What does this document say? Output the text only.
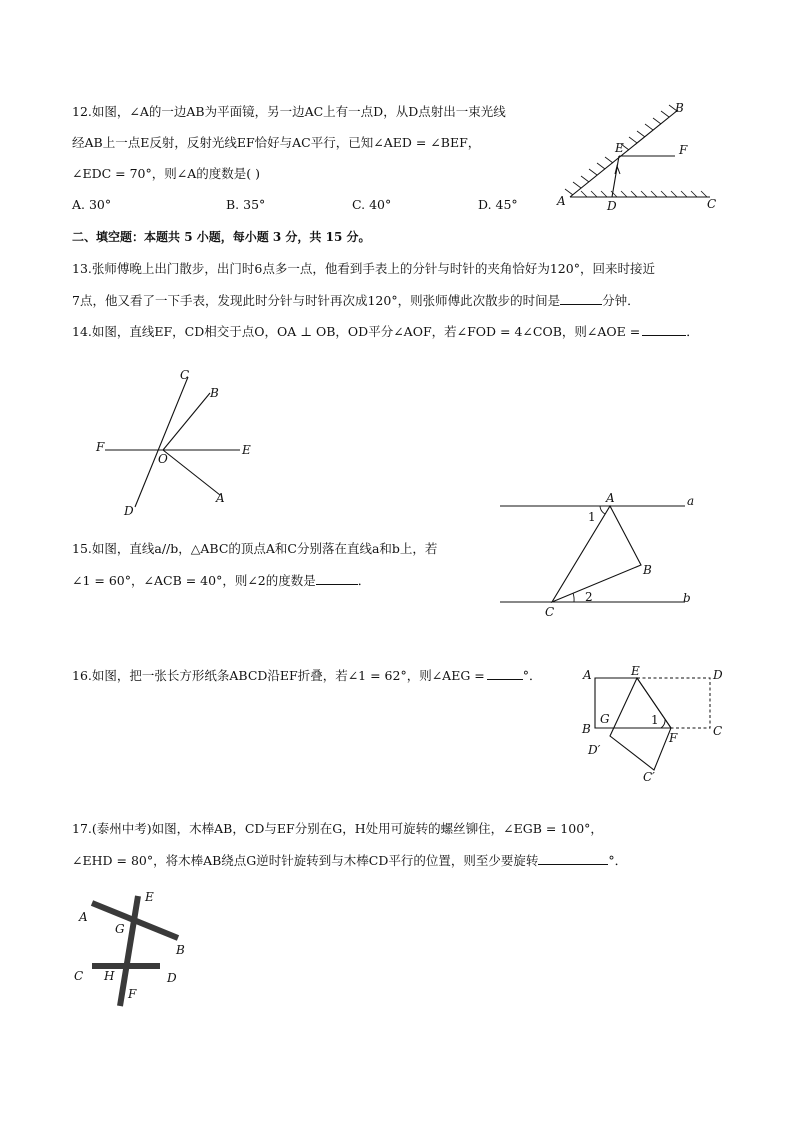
12.如图，∠A的一边AB为平面镜，另一边AC上有一点D，从D点射出一束光线
经AB上一点E反射，反射光线EF恰好与AC平行，已知∠AED = ∠BEF，
∠EDC = 70°，则∠A的度数是( )
A. 30°	B. 35°	C. 40°	D. 45°	A	D	C
E	F
B
二、填空题：本题共 5 小题，每小题 3 分，共 15 分。
13.张师傅晚上出门散步，出门时6点多一点，他看到手表上的分针与时针的夹角恰好为120°，回来时接近
7点，他又看了一下手表，发现此时分针与时针再次成120°，则张师傅此次散步的时间是	分钟．
14.如图，直线EF，CD相交于点O，OA ⊥ OB，OD平分∠AOF，若∠FOD = 4∠COB，则∠AOE =	．
C
B
F	E
O
A
D
15.如图，直线a//b，△ABC的顶点A和C分别落在直线a和b上，若
∠1 = 60°，∠ACB = 40°，则∠2的度数是	．
A	a
1
B
C
2	b
16.如图，把一张长方形纸条ABCD沿EF折叠，若∠1 = 62°，则∠AEG =	°．	A	E	D
B
G	1
F	C
D′
C′
17.(泰州中考)如图，木棒AB，CD与EF分别在G，H处用可旋转的螺丝铆住，∠EGB = 100°，
∠EHD = 80°，将木棒AB绕点G逆时针旋转到与木棒CD平行的位置，则至少要旋转	°．
A
E
G
B
C H	D
F
